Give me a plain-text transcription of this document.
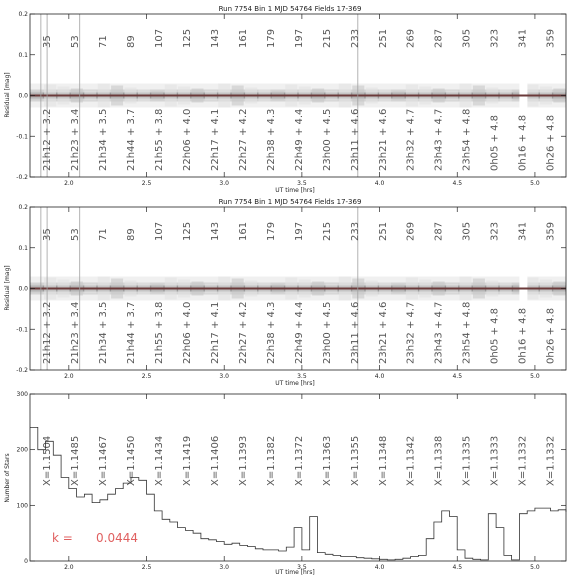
Run 7754 Bin 1 MJD 54764 Fields 17-369
35
21h12 + 3.2
53
21h23 + 3.4
71
21h34 + 3.5
89
21h44 + 3.7
107
21h55 + 3.8
125
22h06 + 4.0
143
22h17 + 4.1
161
22h27 + 4.2
179
22h38 + 4.3
197
22h49 + 4.4
215
23h00 + 4.5
233
23h11 + 4.6
251
23h21 + 4.6
269
23h32 + 4.7
287
23h43 + 4.7
305
23h54 + 4.8
323
0h05 + 4.8
341
0h16 + 4.8
359
0h26 + 4.8
2.0	2.5	3.0	3.5	4.0	4.5	5.0
-0.2
-0.1
0.0
0.1
0.2
UT time [hrs]
Residual [mag]
Run 7754 Bin 1 MJD 54764 Fields 17-369
35
21h12 + 3.2
53
21h23 + 3.4
71
21h34 + 3.5
89
21h44 + 3.7
107
21h55 + 3.8
125
22h06 + 4.0
143
22h17 + 4.1
161
22h27 + 4.2
179
22h38 + 4.3
197
22h49 + 4.4
215
23h00 + 4.5
233
23h11 + 4.6
251
23h21 + 4.6
269
23h32 + 4.7
287
23h43 + 4.7
305
23h54 + 4.8
323
0h05 + 4.8
341
0h16 + 4.8
359
0h26 + 4.8
2.0	2.5	3.0	3.5	4.0	4.5	5.0
-0.2
-0.1
0.0
0.1
0.2
UT time [hrs]
Residual [mag]
X=1.1504 X=1.1485 X=1.1467 X=1.1450 X=1.1434 X=1.1419 X=1.1406 X=1.1393 X=1.1382 X=1.1372 X=1.1363 X=1.1355 X=1.1348 X=1.1342 X=1.1338 X=1.1335 X=1.1333 X=1.1332 X=1.1332
2.0	2.5	3.0	3.5	4.0	4.5	5.0
0
100
200
300
UT time [hrs]
Number of Stars
k = 0.0444
